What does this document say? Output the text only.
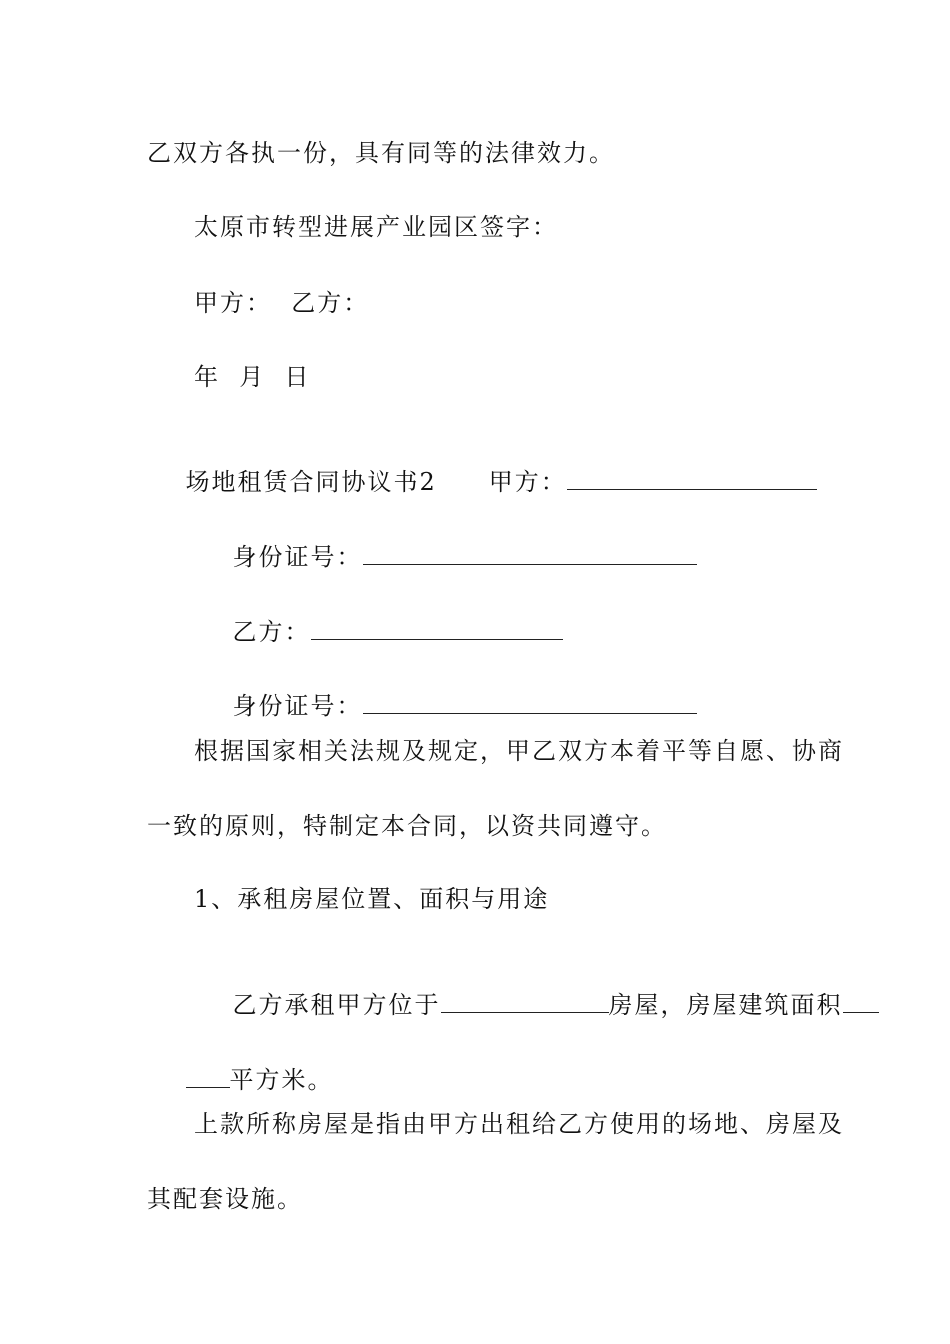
乙双方各执一份，具有同等的法律效力。
太原市转型进展产业园区签字：
甲方：  乙方：
年  月  日

场地租赁合同协议书2 甲方：

身份证号：

乙方：

身份证号：

根据国家相关法规及规定，甲乙双方本着平等自愿、协商
一致的原则，特制定本合同，以资共同遵守。
1、承租房屋位置、面积与用途

乙方承租甲方位于	房屋，房屋建筑面积

平方米。

上款所称房屋是指由甲方出租给乙方使用的场地、房屋及
其配套设施。
